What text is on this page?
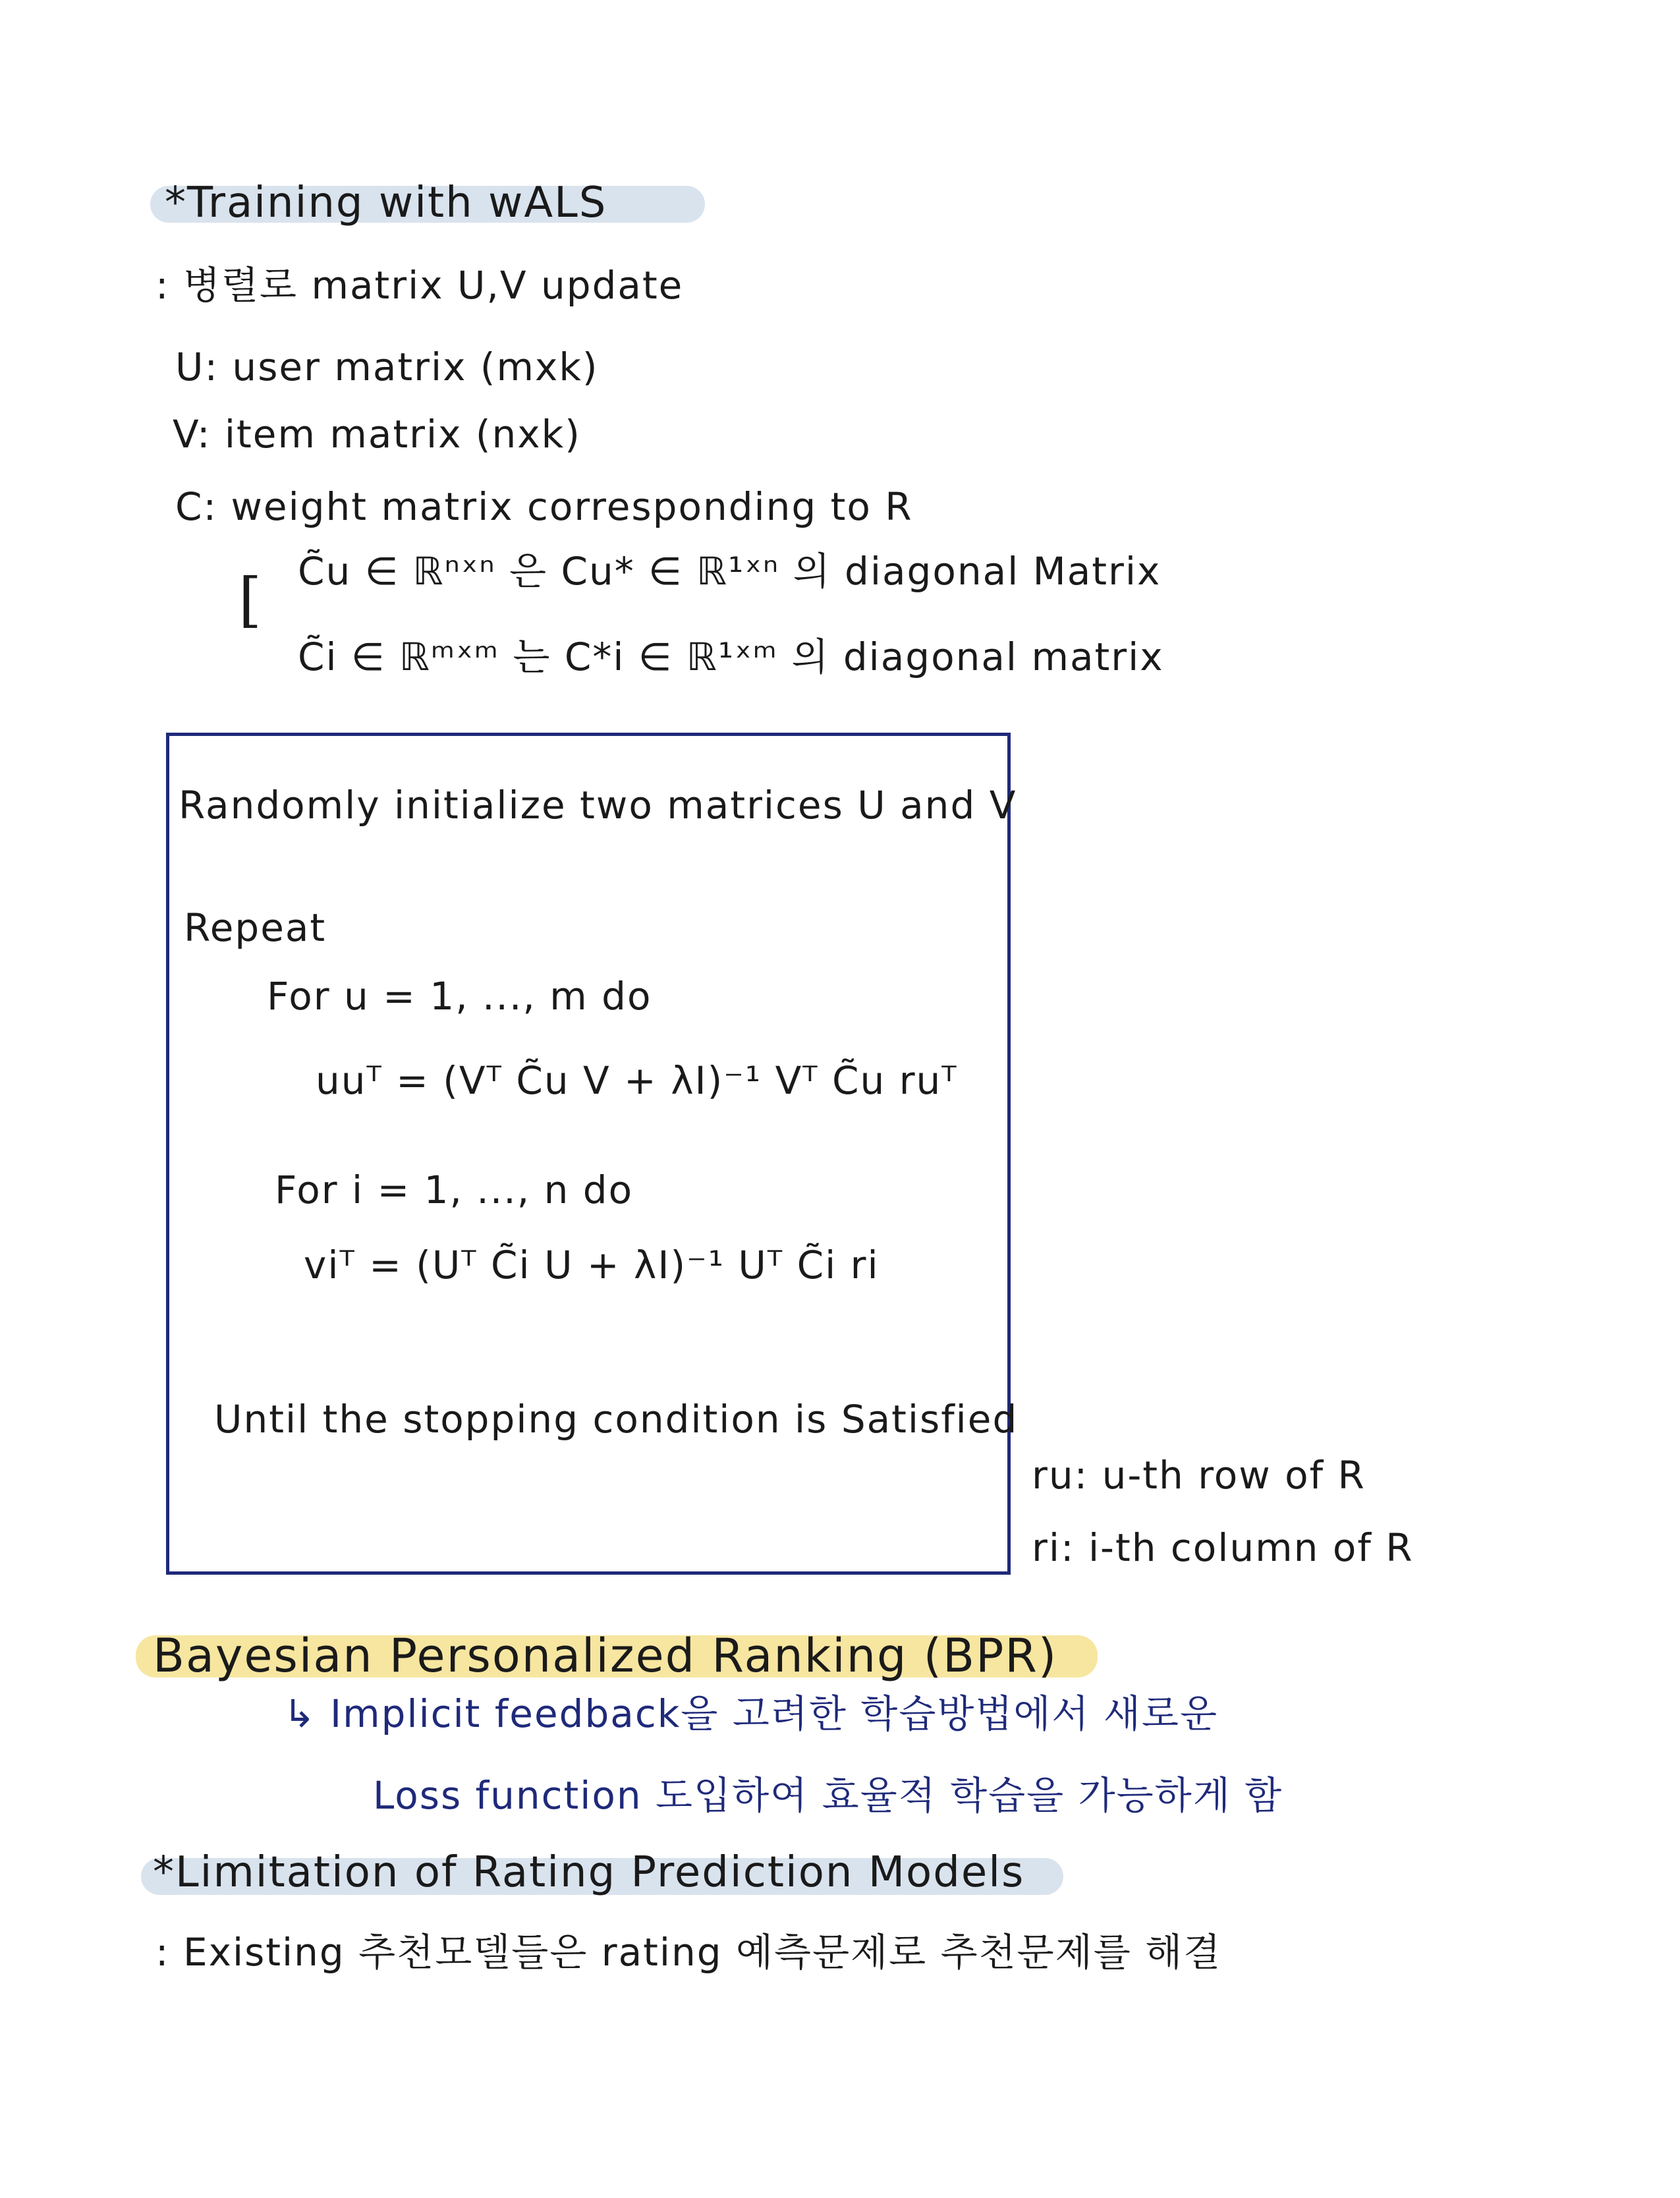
*Training with wALS
: 병렬로 matrix U,V update
U: user matrix (mxk)
V: item matrix (nxk)
C: weight matrix corresponding to R
[ C̃u ∈ ℝⁿˣⁿ 은 Cu* ∈ ℝ¹ˣⁿ 의 diagonal Matrix
C̃i ∈ ℝᵐˣᵐ 는 C*i ∈ ℝ¹ˣᵐ 의 diagonal matrix
Randomly initialize two matrices U and V
Repeat
For u = 1, ..., m do
uuᵀ = (Vᵀ C̃u V + λI)⁻¹ Vᵀ C̃u ruᵀ
For i = 1, ..., n do
viᵀ = (Uᵀ C̃i U + λI)⁻¹ Uᵀ C̃i ri
Until the stopping condition is Satisfied
ru: u-th row of R
ri: i-th column of R
Bayesian Personalized Ranking (BPR)
↳ Implicit feedback을 고려한 학습방법에서 새로운
Loss function 도입하여 효율적 학습을 가능하게 함
*Limitation of Rating Prediction Models
: Existing 추천모델들은 rating 예측문제로 추천문제를 해결
